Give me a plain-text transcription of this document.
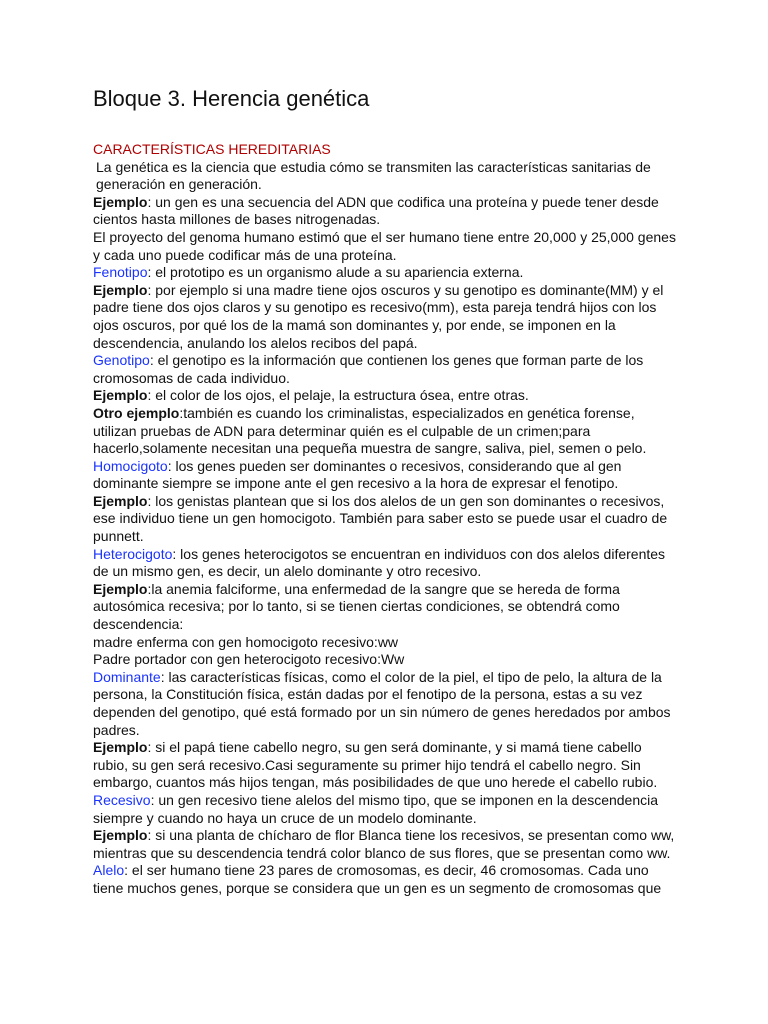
Bloque 3. Herencia genética
CARACTERÍSTICAS HEREDITARIAS

La genética es la ciencia que estudia cómo se transmiten las características sanitarias de generación en generación.

Ejemplo: un gen es una secuencia del ADN que codifica una proteína y puede tener desde cientos hasta millones de bases nitrogenadas.

El proyecto del genoma humano estimó que el ser humano tiene entre 20,000 y 25,000 genes y cada uno puede codificar más de una proteína.

Fenotipo: el prototipo es un organismo alude a su apariencia externa.

Ejemplo: por ejemplo si una madre tiene ojos oscuros y su genotipo es dominante(MM) y el padre tiene dos ojos claros y su genotipo es recesivo(mm), esta pareja tendrá hijos con los ojos oscuros, por qué los de la mamá son dominantes y, por ende, se imponen en la descendencia, anulando los alelos recibos del papá.

Genotipo: el genotipo es la información que contienen los genes que forman parte de los cromosomas de cada individuo.

Ejemplo: el color de los ojos, el pelaje, la estructura ósea, entre otras.

Otro ejemplo:también es cuando los criminalistas, especializados en genética forense, utilizan pruebas de ADN para determinar quién es el culpable de un crimen;para hacerlo,solamente necesitan una pequeña muestra de sangre, saliva, piel, semen o pelo.

Homocigoto: los genes pueden ser dominantes o recesivos, considerando que al gen dominante siempre se impone ante el gen recesivo a la hora de expresar el fenotipo.

Ejemplo: los genistas plantean que si los dos alelos de un gen son dominantes o recesivos, ese individuo tiene un gen homocigoto. También para saber esto se puede usar el cuadro de punnett.

Heterocigoto: los genes heterocigotos se encuentran en individuos con dos alelos diferentes de un mismo gen, es decir, un alelo dominante y otro recesivo.

Ejemplo:la anemia falciforme, una enfermedad de la sangre que se hereda de forma autosómica recesiva; por lo tanto, si se tienen ciertas condiciones, se obtendrá como descendencia:

madre enferma con gen homocigoto recesivo:ww

Padre portador con gen heterocigoto recesivo:Ww

Dominante: las características físicas, como el color de la piel, el tipo de pelo, la altura de la persona, la Constitución física, están dadas por el fenotipo de la persona, estas a su vez dependen del genotipo, qué está formado por un sin número de genes heredados por ambos padres.

Ejemplo: si el papá tiene cabello negro, su gen será dominante, y si mamá tiene cabello rubio, su gen será recesivo.Casi seguramente su primer hijo tendrá el cabello negro. Sin embargo, cuantos más hijos tengan, más posibilidades de que uno herede el cabello rubio.

Recesivo: un gen recesivo tiene alelos del mismo tipo, que se imponen en la descendencia siempre y cuando no haya un cruce de un modelo dominante.

Ejemplo: si una planta de chícharo de flor Blanca tiene los recesivos, se presentan como ww, mientras que su descendencia tendrá color blanco de sus flores, que se presentan como ww.

Alelo: el ser humano tiene 23 pares de cromosomas, es decir, 46 cromosomas. Cada uno tiene muchos genes, porque se considera que un gen es un segmento de cromosomas que
